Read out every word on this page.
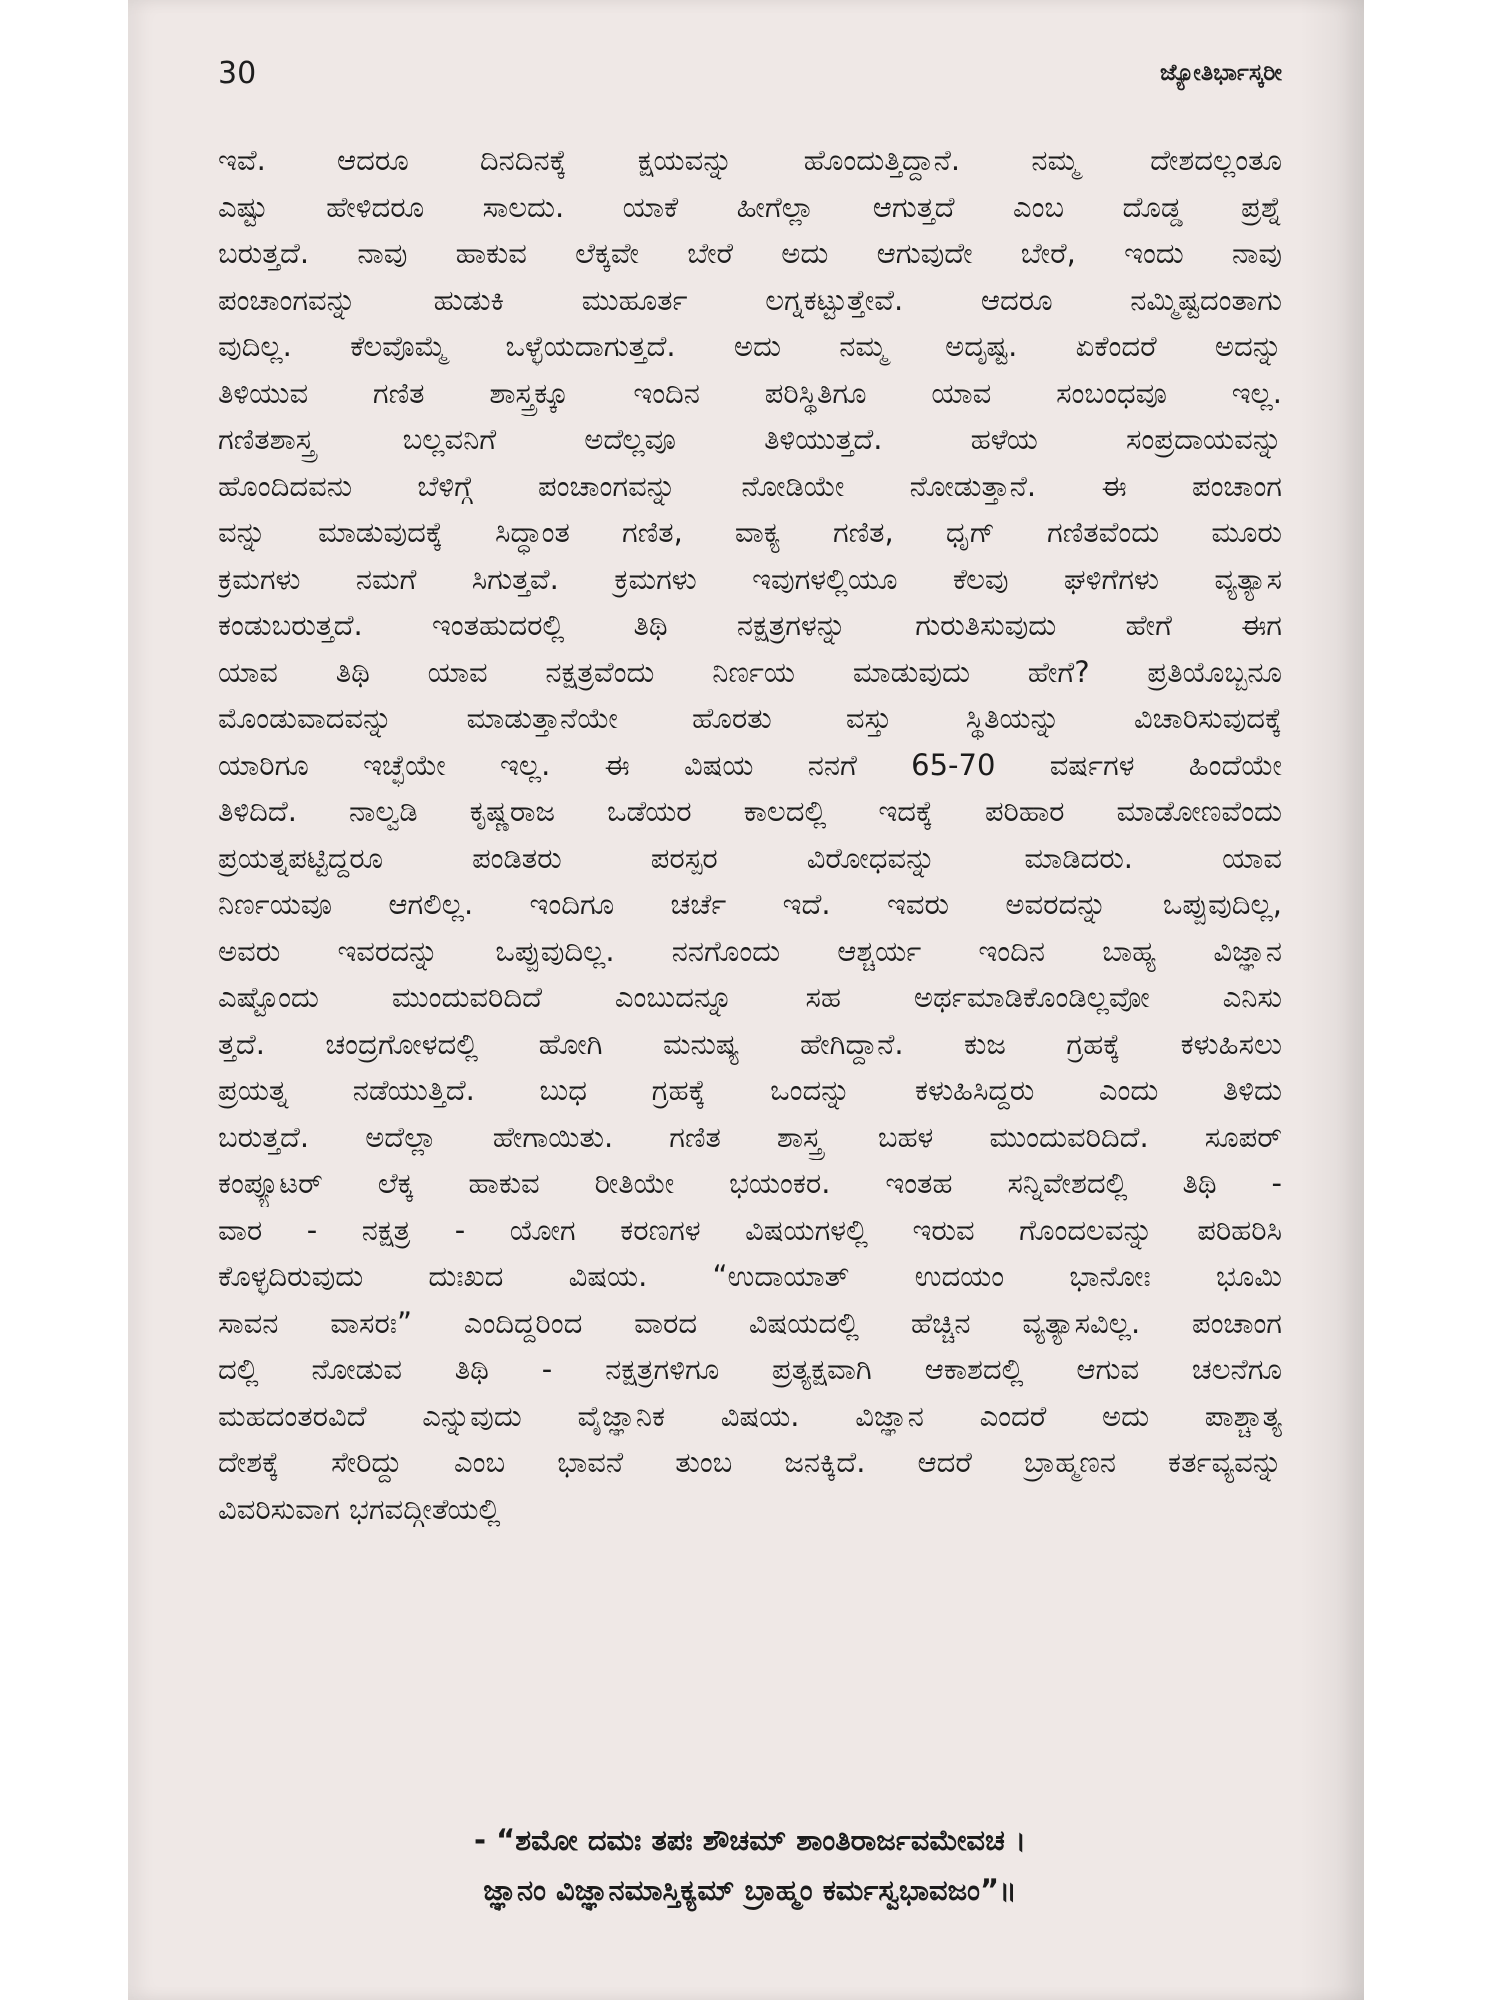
30	ಜ್ಯೋತಿರ್ಭಾಸ್ಕರೀ
ಇವೆ. ಆದರೂ ದಿನದಿನಕ್ಕೆ ಕ್ಷಯವನ್ನು ಹೊಂದುತ್ತಿದ್ದಾನೆ. ನಮ್ಮ ದೇಶದಲ್ಲಂತೂ
ಎಷ್ಟು ಹೇಳಿದರೂ ಸಾಲದು. ಯಾಕೆ ಹೀಗೆಲ್ಲಾ ಆಗುತ್ತದೆ ಎಂಬ ದೊಡ್ಡ ಪ್ರಶ್ನೆ
ಬರುತ್ತದೆ. ನಾವು ಹಾಕುವ ಲೆಕ್ಕವೇ ಬೇರೆ ಅದು ಆಗುವುದೇ ಬೇರೆ, ಇಂದು ನಾವು
ಪಂಚಾಂಗವನ್ನು ಹುಡುಕಿ ಮುಹೂರ್ತ ಲಗ್ನಕಟ್ಟುತ್ತೇವೆ. ಆದರೂ ನಮ್ಮಿಷ್ಟದಂತಾಗು
ವುದಿಲ್ಲ. ಕೆಲವೊಮ್ಮೆ ಒಳ್ಳೆಯದಾಗುತ್ತದೆ. ಅದು ನಮ್ಮ ಅದೃಷ್ಟ. ಏಕೆಂದರೆ ಅದನ್ನು
ತಿಳಿಯುವ ಗಣಿತ ಶಾಸ್ತ್ರಕ್ಕೂ ಇಂದಿನ ಪರಿಸ್ಥಿತಿಗೂ ಯಾವ ಸಂಬಂಧವೂ ಇಲ್ಲ.
ಗಣಿತಶಾಸ್ತ್ರ ಬಲ್ಲವನಿಗೆ ಅದೆಲ್ಲವೂ ತಿಳಿಯುತ್ತದೆ. ಹಳೆಯ ಸಂಪ್ರದಾಯವನ್ನು
ಹೊಂದಿದವನು ಬೆಳಿಗ್ಗೆ ಪಂಚಾಂಗವನ್ನು ನೋಡಿಯೇ ನೋಡುತ್ತಾನೆ. ಈ ಪಂಚಾಂಗ
ವನ್ನು ಮಾಡುವುದಕ್ಕೆ ಸಿದ್ಧಾಂತ ಗಣಿತ, ವಾಕ್ಯ ಗಣಿತ, ಧೃಗ್ ಗಣಿತವೆಂದು ಮೂರು
ಕ್ರಮಗಳು ನಮಗೆ ಸಿಗುತ್ತವೆ. ಕ್ರಮಗಳು ಇವುಗಳಲ್ಲಿಯೂ ಕೆಲವು ಘಳಿಗೆಗಳು ವ್ಯತ್ಯಾಸ
ಕಂಡುಬರುತ್ತದೆ. ಇಂತಹುದರಲ್ಲಿ ತಿಥಿ ನಕ್ಷತ್ರಗಳನ್ನು ಗುರುತಿಸುವುದು ಹೇಗೆ ಈಗ
ಯಾವ ತಿಥಿ ಯಾವ ನಕ್ಷತ್ರವೆಂದು ನಿರ್ಣಯ ಮಾಡುವುದು ಹೇಗೆ? ಪ್ರತಿಯೊಬ್ಬನೂ
ಮೊಂಡುವಾದವನ್ನು ಮಾಡುತ್ತಾನೆಯೇ ಹೊರತು ವಸ್ತು ಸ್ಥಿತಿಯನ್ನು ವಿಚಾರಿಸುವುದಕ್ಕೆ
ಯಾರಿಗೂ ಇಚ್ಛೆಯೇ ಇಲ್ಲ. ಈ ವಿಷಯ ನನಗೆ 65-70 ವರ್ಷಗಳ ಹಿಂದೆಯೇ
ತಿಳಿದಿದೆ. ನಾಲ್ವಡಿ ಕೃಷ್ಣರಾಜ ಒಡೆಯರ ಕಾಲದಲ್ಲಿ ಇದಕ್ಕೆ ಪರಿಹಾರ ಮಾಡೋಣವೆಂದು
ಪ್ರಯತ್ನಪಟ್ಟಿದ್ದರೂ ಪಂಡಿತರು ಪರಸ್ಪರ ವಿರೋಧವನ್ನು ಮಾಡಿದರು. ಯಾವ
ನಿರ್ಣಯವೂ ಆಗಲಿಲ್ಲ. ಇಂದಿಗೂ ಚರ್ಚೆ ಇದೆ. ಇವರು ಅವರದನ್ನು ಒಪ್ಪುವುದಿಲ್ಲ,
ಅವರು ಇವರದನ್ನು ಒಪ್ಪುವುದಿಲ್ಲ. ನನಗೊಂದು ಆಶ್ಚರ್ಯ ಇಂದಿನ ಬಾಹ್ಯ ವಿಜ್ಞಾನ
ಎಷ್ಟೊಂದು ಮುಂದುವರಿದಿದೆ ಎಂಬುದನ್ನೂ ಸಹ ಅರ್ಥಮಾಡಿಕೊಂಡಿಲ್ಲವೋ ಎನಿಸು
ತ್ತದೆ. ಚಂದ್ರಗೋಳದಲ್ಲಿ ಹೋಗಿ ಮನುಷ್ಯ ಹೇಗಿದ್ದಾನೆ. ಕುಜ ಗ್ರಹಕ್ಕೆ ಕಳುಹಿಸಲು
ಪ್ರಯತ್ನ ನಡೆಯುತ್ತಿದೆ. ಬುಧ ಗ್ರಹಕ್ಕೆ ಒಂದನ್ನು ಕಳುಹಿಸಿದ್ದರು ಎಂದು ತಿಳಿದು
ಬರುತ್ತದೆ. ಅದೆಲ್ಲಾ ಹೇಗಾಯಿತು. ಗಣಿತ ಶಾಸ್ತ್ರ ಬಹಳ ಮುಂದುವರಿದಿದೆ. ಸೂಪರ್
ಕಂಪ್ಯೂಟರ್ ಲೆಕ್ಕ ಹಾಕುವ ರೀತಿಯೇ ಭಯಂಕರ. ಇಂತಹ ಸನ್ನಿವೇಶದಲ್ಲಿ ತಿಥಿ -
ವಾರ - ನಕ್ಷತ್ರ - ಯೋಗ ಕರಣಗಳ ವಿಷಯಗಳಲ್ಲಿ ಇರುವ ಗೊಂದಲವನ್ನು ಪರಿಹರಿಸಿ
ಕೊಳ್ಳದಿರುವುದು ದುಃಖದ ವಿಷಯ. “ಉದಾಯಾತ್ ಉದಯಂ ಭಾನೋಃ ಭೂಮಿ
ಸಾವನ ವಾಸರಃ” ಎಂದಿದ್ದರಿಂದ ವಾರದ ವಿಷಯದಲ್ಲಿ ಹೆಚ್ಚಿನ ವ್ಯತ್ಯಾಸವಿಲ್ಲ. ಪಂಚಾಂಗ
ದಲ್ಲಿ ನೋಡುವ ತಿಥಿ - ನಕ್ಷತ್ರಗಳಿಗೂ ಪ್ರತ್ಯಕ್ಷವಾಗಿ ಆಕಾಶದಲ್ಲಿ ಆಗುವ ಚಲನೆಗೂ
ಮಹದಂತರವಿದೆ ಎನ್ನುವುದು ವೈಜ್ಞಾನಿಕ ವಿಷಯ. ವಿಜ್ಞಾನ ಎಂದರೆ ಅದು ಪಾಶ್ಚಾತ್ಯ
ದೇಶಕ್ಕೆ ಸೇರಿದ್ದು ಎಂಬ ಭಾವನೆ ತುಂಬ ಜನಕ್ಕಿದೆ. ಆದರೆ ಬ್ರಾಹ್ಮಣನ ಕರ್ತವ್ಯವನ್ನು
ವಿವರಿಸುವಾಗ ಭಗವದ್ಗೀತೆಯಲ್ಲಿ
- “ಶಮೋ ದಮಃ ತಪಃ ಶೌಚಮ್ ಶಾಂತಿರಾರ್ಜವಮೇವಚ ।
ಜ್ಞಾನಂ ವಿಜ್ಞಾನಮಾಸ್ತಿಕ್ಯಮ್ ಬ್ರಾಹ್ಮಂ ಕರ್ಮಸ್ವಭಾವಜಂ”॥
